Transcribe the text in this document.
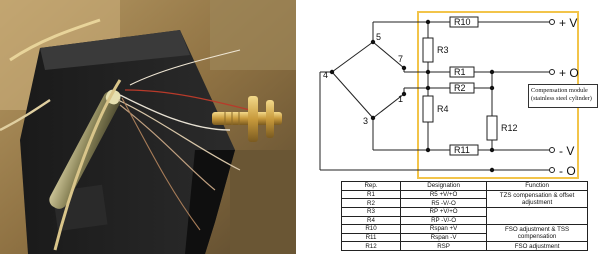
5
4
7
1
3
R10
R11
R1
R2
R3
R4
R12
+ V
+ O
- V
- O
Compensation module (stainless steel cylinder)
Rep.	Designation	Function
R1	R5 +V/+O	TZS compensation & offset adjustment
R2	R5 -V/-O	
R3	RP +V/+O	
R4	RP -V/-O	
R10	Rspan +V	FSO adjustment & TSS compensation
R11	Rspan -V	
R12	RSP	FSO adjustment
